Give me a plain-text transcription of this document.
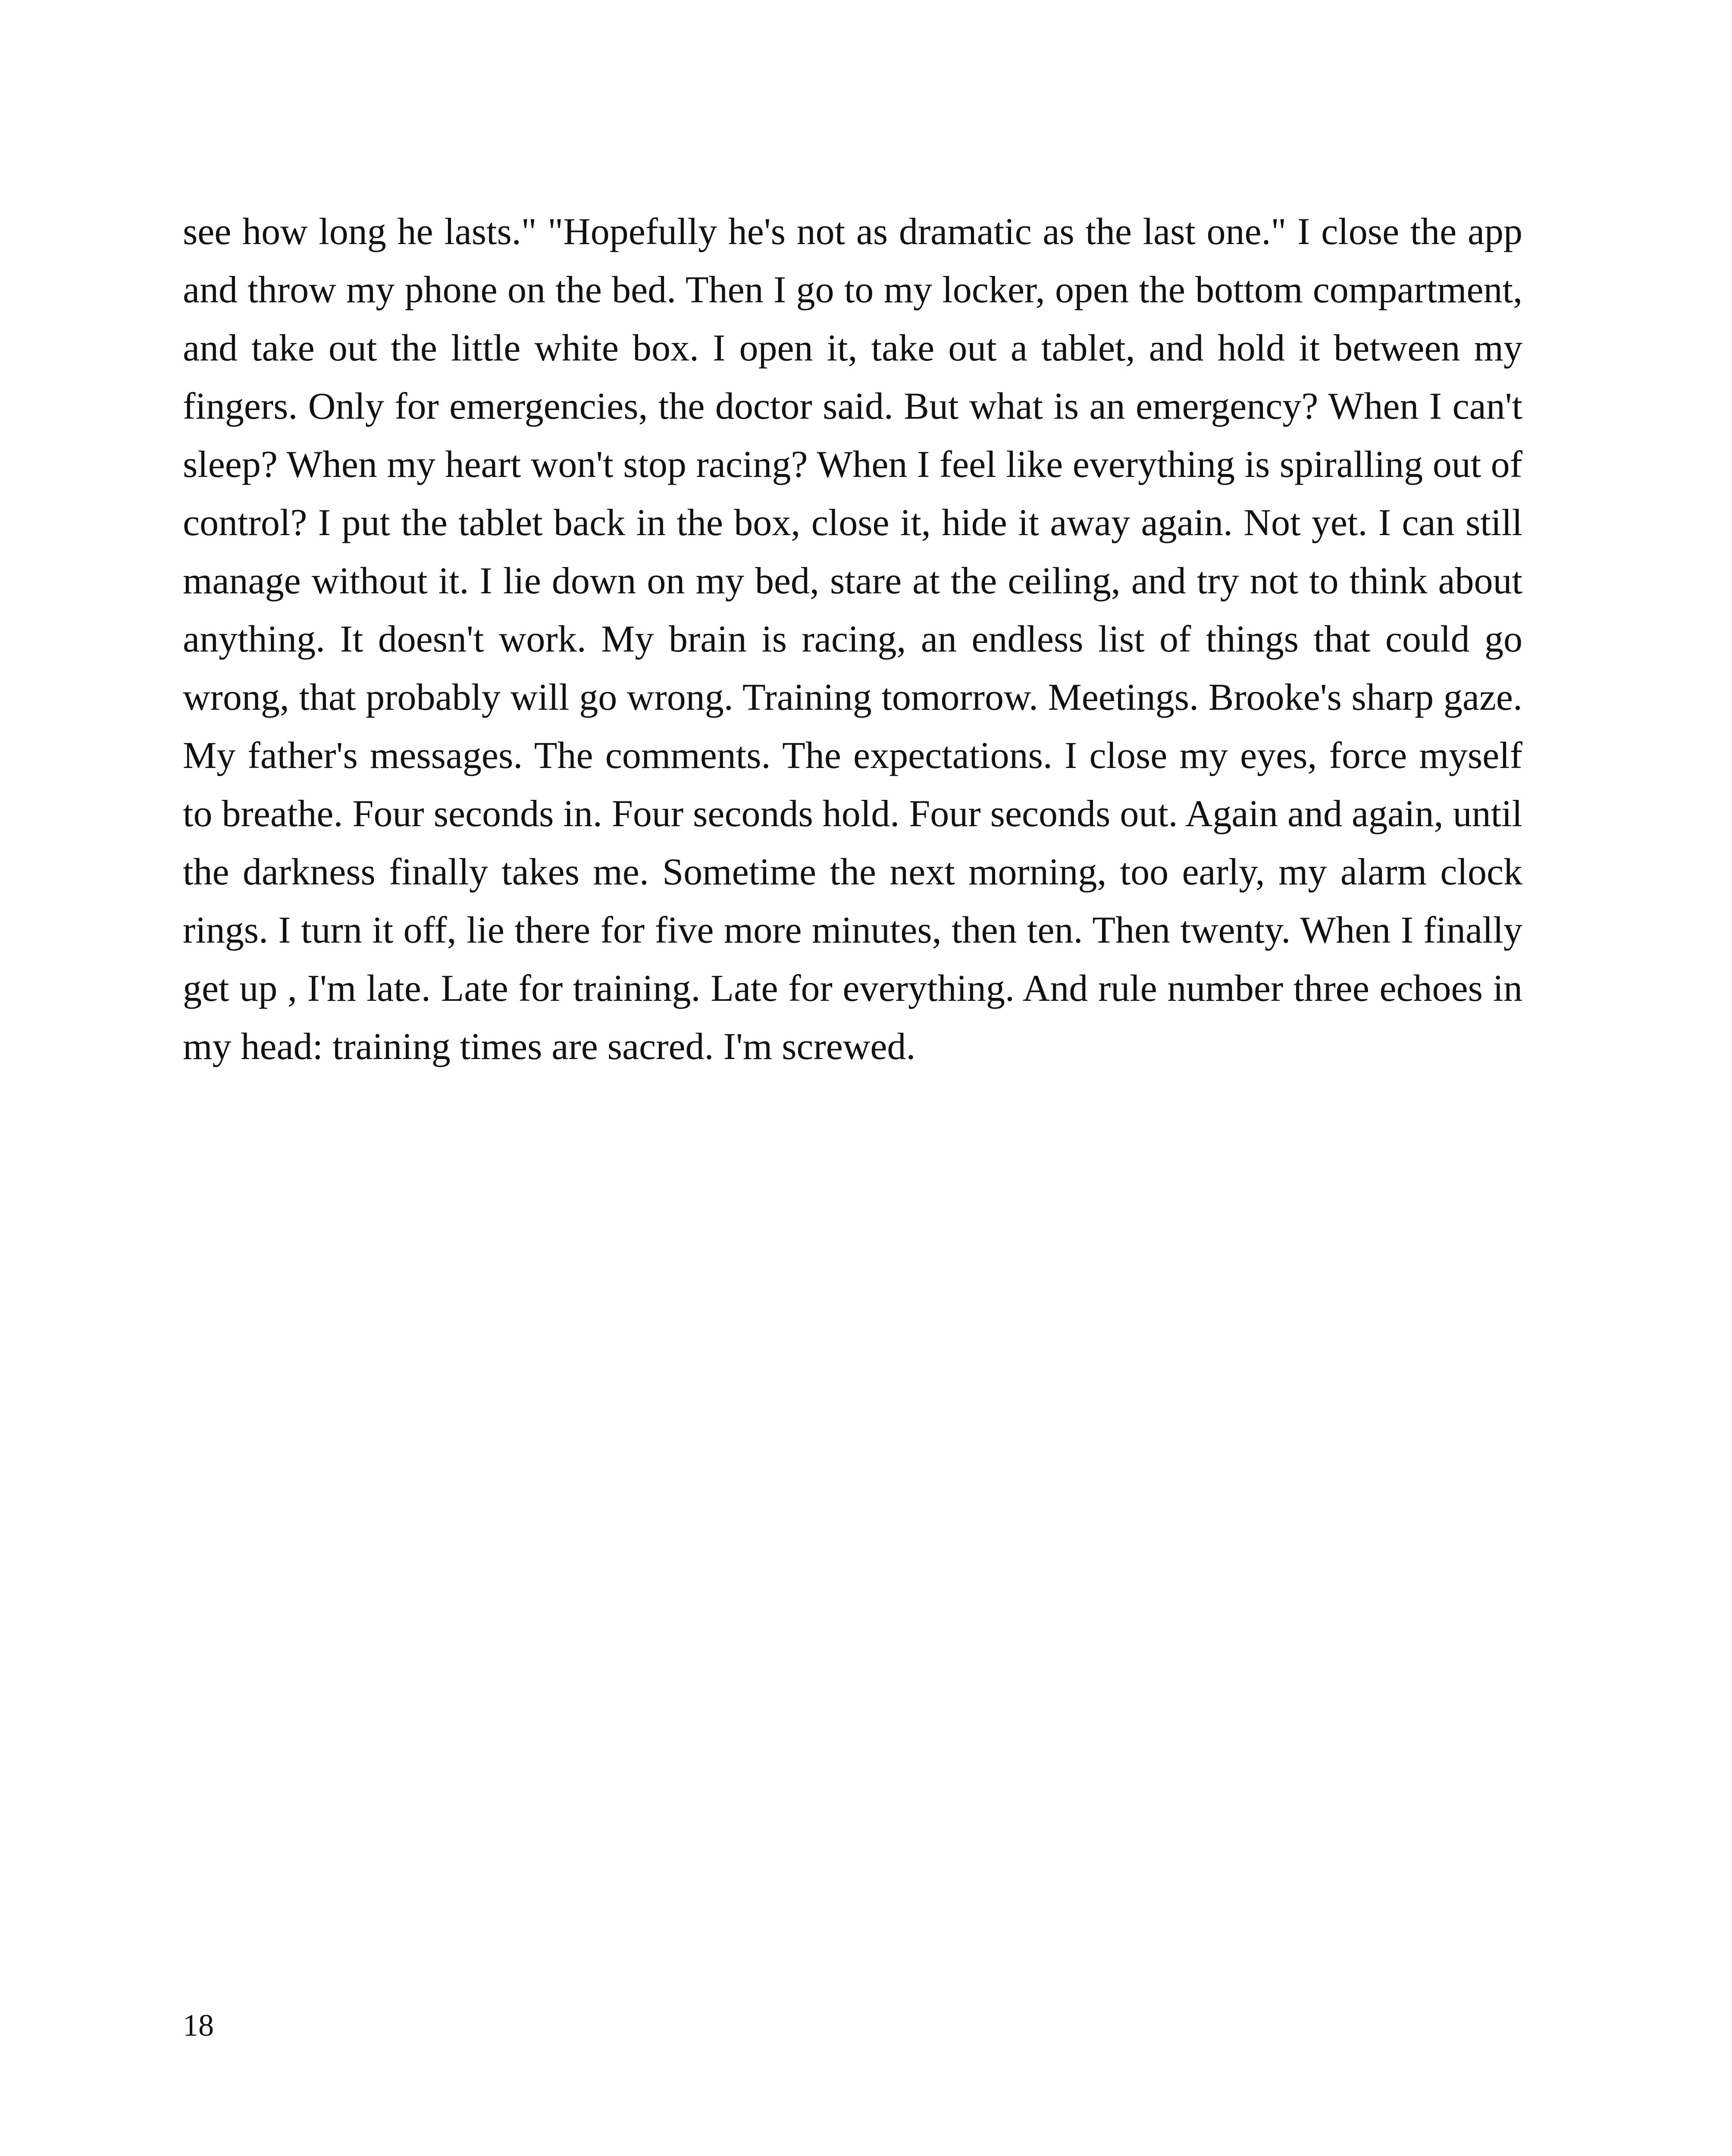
see how long he lasts." "Hopefully he's not as dramatic as the last one." I close the app and throw my phone on the bed. Then I go to my locker, open the bottom compartment, and take out the little white box. I open it, take out a tablet, and hold it between my fingers. Only for emergencies, the doctor said. But what is an emergency? When I can't sleep? When my heart won't stop racing? When I feel like everything is spiralling out of control? I put the tablet back in the box, close it, hide it away again. Not yet. I can still manage without it. I lie down on my bed, stare at the ceiling, and try not to think about anything. It doesn't work. My brain is racing, an endless list of things that could go wrong, that probably will go wrong. Training tomorrow. Meetings. Brooke's sharp gaze. My father's messages. The comments. The expectations. I close my eyes, force myself to breathe. Four seconds in. Four seconds hold. Four seconds out. Again and again, until the darkness finally takes me. Sometime the next morning, too early, my alarm clock rings. I turn it off, lie there for five more minutes, then ten. Then twenty. When I finally get up , I'm late. Late for training. Late for everything. And rule number three echoes in my head: training times are sacred. I'm screwed.

18
